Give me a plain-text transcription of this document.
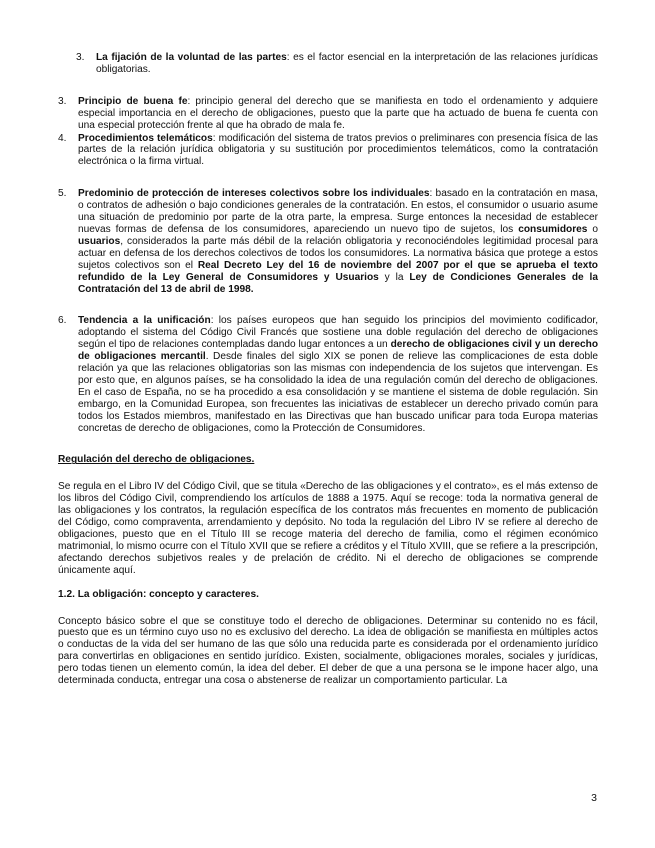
3. La fijación de la voluntad de las partes: es el factor esencial en la interpretación de las relaciones jurídicas obligatorias.

3. Principio de buena fe: principio general del derecho que se manifiesta en todo el ordenamiento y adquiere especial importancia en el derecho de obligaciones, puesto que la parte que ha actuado de buena fe cuenta con una especial protección frente al que ha obrado de mala fe.

4. Procedimientos telemáticos: modificación del sistema de tratos previos o preliminares con presencia física de las partes de la relación jurídica obligatoria y su sustitución por procedimientos telemáticos, como la contratación electrónica o la firma virtual.

5. Predominio de protección de intereses colectivos sobre los individuales: basado en la contratación en masa, o contratos de adhesión o bajo condiciones generales de la contratación. En estos, el consumidor o usuario asume una situación de predominio por parte de la otra parte, la empresa. Surge entonces la necesidad de establecer nuevas formas de defensa de los consumidores, apareciendo un nuevo tipo de sujetos, los consumidores o usuarios, considerados la parte más débil de la relación obligatoria y reconociéndoles legitimidad procesal para actuar en defensa de los derechos colectivos de todos los consumidores. La normativa básica que protege a estos sujetos colectivos son el Real Decreto Ley del 16 de noviembre del 2007 por el que se aprueba el texto refundido de la Ley General de Consumidores y Usuarios y la Ley de Condiciones Generales de la Contratación del 13 de abril de 1998.

6. Tendencia a la unificación: los países europeos que han seguido los principios del movimiento codificador, adoptando el sistema del Código Civil Francés que sostiene una doble regulación del derecho de obligaciones según el tipo de relaciones contempladas dando lugar entonces a un derecho de obligaciones civil y un derecho de obligaciones mercantil. Desde finales del siglo XIX se ponen de relieve las complicaciones de esta doble relación ya que las relaciones obligatorias son las mismas con independencia de los sujetos que intervengan. Es por esto que, en algunos países, se ha consolidado la idea de una regulación común del derecho de obligaciones. En el caso de España, no se ha procedido a esa consolidación y se mantiene el sistema de doble regulación. Sin embargo, en la Comunidad Europea, son frecuentes las iniciativas de establecer un derecho privado común para todos los Estados miembros, manifestado en las Directivas que han buscado unificar para toda Europa materias concretas de derecho de obligaciones, como la Protección de Consumidores.

Regulación del derecho de obligaciones.

Se regula en el Libro IV del Código Civil, que se titula «Derecho de las obligaciones y el contrato», es el más extenso de los libros del Código Civil, comprendiendo los artículos de 1888 a 1975. Aquí se recoge: toda la normativa general de las obligaciones y los contratos, la regulación específica de los contratos más frecuentes en momento de publicación del Código, como compraventa, arrendamiento y depósito. No toda la regulación del Libro IV se refiere al derecho de obligaciones, puesto que en el Título III se recoge materia del derecho de familia, como el régimen económico matrimonial, lo mismo ocurre con el Título XVII que se refiere a créditos y el Título XVIII, que se refiere a la prescripción, afectando derechos subjetivos reales y de prelación de crédito. Ni el derecho de obligaciones se comprende únicamente aquí.

1.2. La obligación: concepto y caracteres.

Concepto básico sobre el que se constituye todo el derecho de obligaciones. Determinar su contenido no es fácil, puesto que es un término cuyo uso no es exclusivo del derecho. La idea de obligación se manifiesta en múltiples actos o conductas de la vida del ser humano de las que sólo una reducida parte es considerada por el ordenamiento jurídico para convertirlas en obligaciones en sentido jurídico. Existen, socialmente, obligaciones morales, sociales y jurídicas, pero todas tienen un elemento común, la idea del deber. El deber de que a una persona se le impone hacer algo, una determinada conducta, entregar una cosa o abstenerse de realizar un comportamiento particular. La

3
